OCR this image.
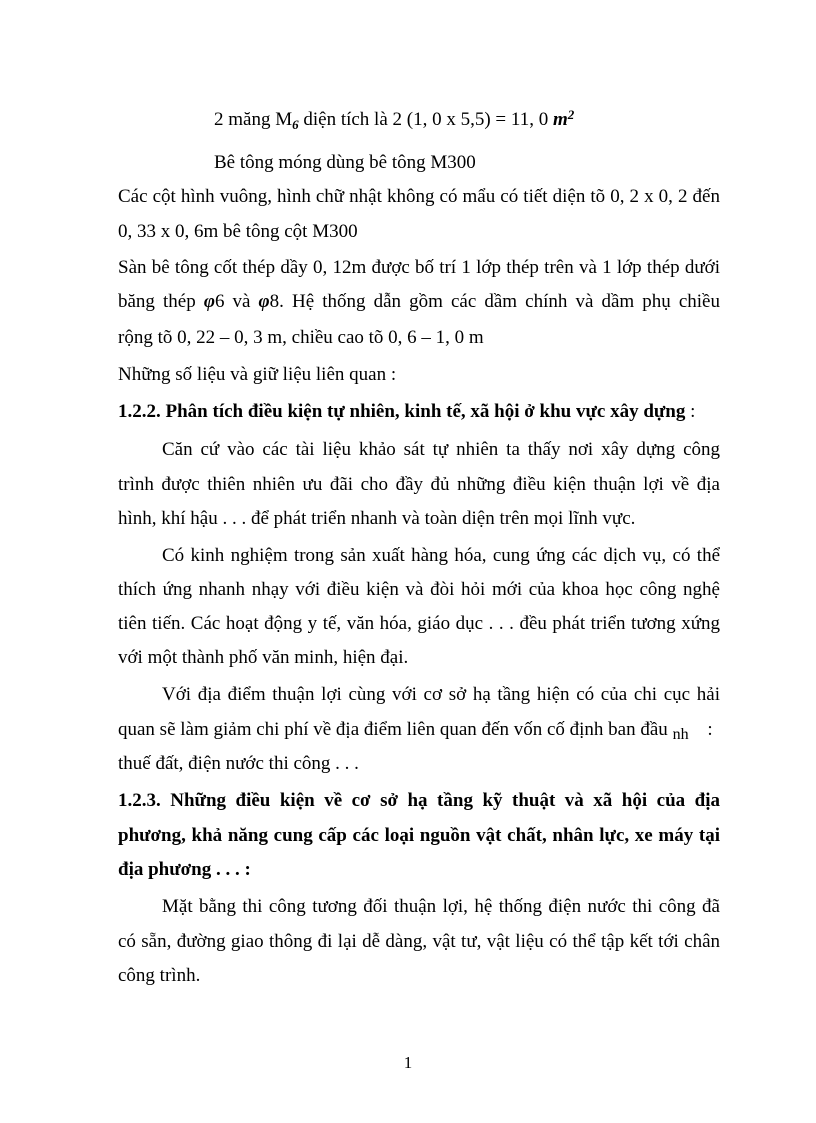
2 măng $M_6$ diện tích là 2 (1, 0 x 5,5) = 11, 0 $m^2$
Bê tông móng dùng bê tông M300
Các cột hình vuông, hình chữ nhật không có mẩu có tiết diện tõ 0, 2 x 0, 2 đến
0, 33 x 0, 6m bê tông cột M300
Sàn bê tông cốt thép dầy 0, 12m được bố trí 1 lớp thép trên và 1 lớp thép dưới
băng thép φ6 và φ8. Hệ thống dẫn gồm các dầm chính và dầm phụ chiều
rộng tõ 0, 22 – 0, 3 m, chiều cao tõ 0, 6 – 1, 0 m
Những số liệu và giữ liệu liên quan :
1.2.2. Phân tích điều kiện tự nhiên, kinh tế, xã hội ở khu vực xây dựng :
Căn cứ vào các tài liệu khảo sát tự nhiên ta thấy nơi xây dựng công
trình được thiên nhiên ưu đãi cho đầy đủ những điều kiện thuận lợi về địa
hình, khí hậu . . . để phát triển nhanh và toàn diện trên mọi lĩnh vực.
Có kinh nghiệm trong sản xuất hàng hóa, cung ứng các dịch vụ, có thể
thích ứng nhanh nhạy với điều kiện và đòi hỏi mới của khoa học công nghệ
tiên tiến. Các hoạt động y tế, văn hóa, giáo dục . . . đều phát triển tương xứng
với một thành phố văn minh, hiện đại.
Với địa điểm thuận lợi cùng với cơ sở hạ tầng hiện có của chi cục hải
quan sẽ làm giảm chi phí về địa điểm liên quan đến vốn cố định ban đầu $_{nh}$ :
thuế đất, điện nước thi công . . .
1.2.3. Những điều kiện về cơ sở hạ tầng kỹ thuật và xã hội của địa
phương, khả năng cung cấp các loại nguồn vật chất, nhân lực, xe máy tại
địa phương . . . :
Mặt bằng thi công tương đối thuận lợi, hệ thống điện nước thi công đã
có sẵn, đường giao thông đi lại dễ dàng, vật tư, vật liệu có thể tập kết tới chân
công trình.
1
